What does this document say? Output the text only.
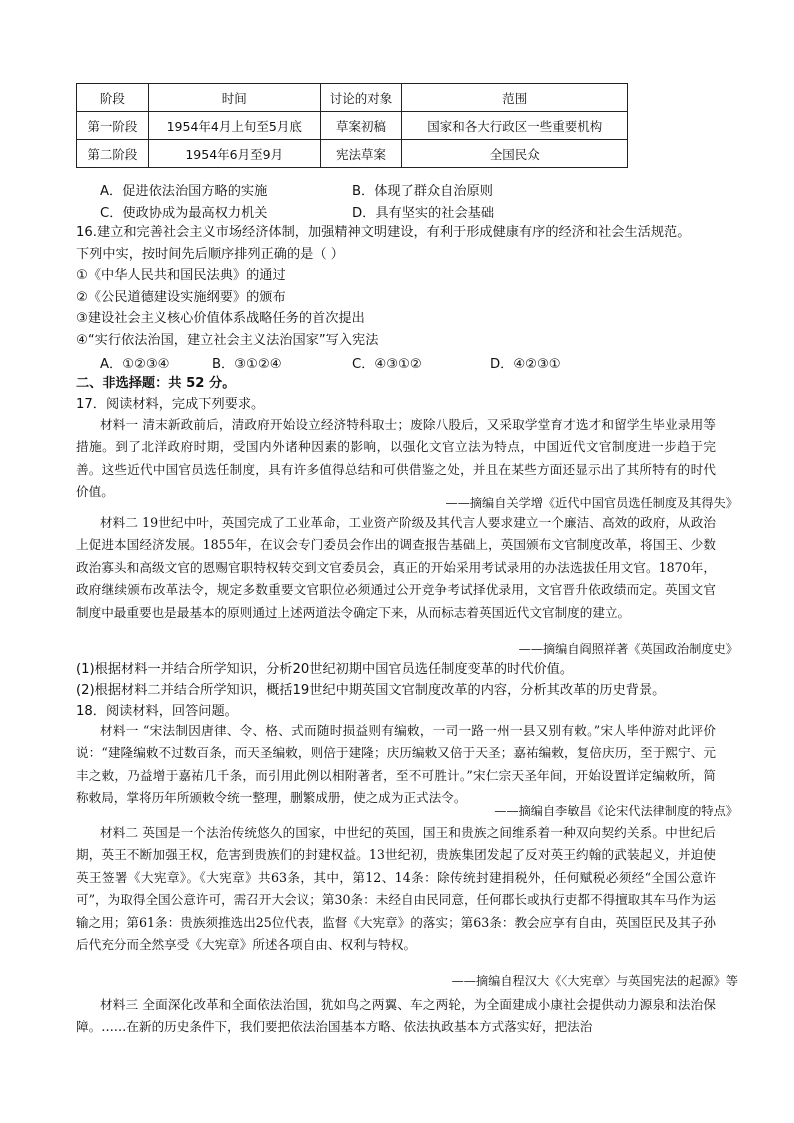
阶段	时间	讨论的对象	范围
第一阶段	1954年4月上旬至5月底	草案初稿	国家和各大行政区一些重要机构
第二阶段	1954年6月至9月	宪法草案	全国民众
A．促进依法治国方略的实施	B．体现了群众自治原则
C．使政协成为最高权力机关	D．具有坚实的社会基础
16.建立和完善社会主义市场经济体制，加强精神文明建设，有利于形成健康有序的经济和社会生活规范。
下列中实，按时间先后顺序排列正确的是（ ）
①《中华人民共和国民法典》的通过
②《公民道德建设实施纲要》的颁布
③建设社会主义核心价值体系战略任务的首次提出
④“实行依法治国，建立社会主义法治国家”写入宪法
A．①②③④	B．③①②④	C．④③①②	D．④②③①
二、非选择题：共 52 分。
17．阅读材料，完成下列要求。
材料一 清末新政前后，清政府开始设立经济特科取士；废除八股后，又采取学堂育才选才和留学生毕业录用等措施。到了北洋政府时期，受国内外诸种因素的影响，以强化文官立法为特点，中国近代文官制度进一步趋于完善。这些近代中国官员选任制度，具有许多值得总结和可供借鉴之处，并且在某些方面还显示出了其所特有的时代价值。
——摘编自关学增《近代中国官员选任制度及其得失》
材料二 19世纪中叶，英国完成了工业革命，工业资产阶级及其代言人要求建立一个廉洁、高效的政府，从政治上促进本国经济发展。1855年，在议会专门委员会作出的调查报告基础上，英国颁布文官制度改革，将国王、少数政治寡头和高级文官的恩赐官职特权转交到文官委员会，真正的开始采用考试录用的办法选拔任用文官。1870年，政府继续颁布改革法令，规定多数重要文官职位必须通过公开竞争考试择优录用，文官晋升依政绩而定。英国文官制度中最重要也是最基本的原则通过上述两道法令确定下来，从而标志着英国近代文官制度的建立。
——摘编自阎照祥著《英国政治制度史》
(1)根据材料一并结合所学知识，分析20世纪初期中国官员选任制度变革的时代价值。
(2)根据材料二并结合所学知识，概括19世纪中期英国文官制度改革的内容，分析其改革的历史背景。
18．阅读材料，回答问题。
材料一 “宋法制因唐律、令、格、式而随时损益则有编敕，一司一路一州一县又别有敕。”宋人毕仲游对此评价说：“建隆编敕不过数百条，而天圣编敕，则倍于建隆；庆历编敕又倍于天圣；嘉祐编敕，复倍庆历，至于熙宁、元丰之敕，乃益增于嘉祐几千条，而引用此例以相附著者，至不可胜计。”宋仁宗天圣年间，开始设置详定编敕所，简称敕局，掌将历年所颁敕令统一整理，删繁成册，使之成为正式法令。
——摘编自李敏昌《论宋代法律制度的特点》
材料二 英国是一个法治传统悠久的国家，中世纪的英国，国王和贵族之间维系着一种双向契约关系。中世纪后期，英王不断加强王权，危害到贵族们的封建权益。13世纪初，贵族集团发起了反对英王约翰的武装起义，并迫使英王签署《大宪章》。《大宪章》共63条，其中，第12、14条：除传统封建捐税外，任何赋税必须经“全国公意许可”，为取得全国公意许可，需召开大会议；第30条：未经自由民同意，任何郡长或执行吏都不得擅取其车马作为运输之用；第61条：贵族须推选出25位代表，监督《大宪章》的落实；第63条：教会应享有自由，英国臣民及其子孙后代充分而全然享受《大宪章》所述各项自由、权利与特权。
——摘编自程汉大《〈大宪章〉与英国宪法的起源》等
材料三 全面深化改革和全面依法治国，犹如鸟之两翼、车之两轮，为全面建成小康社会提供动力源泉和法治保障。……在新的历史条件下，我们要把依法治国基本方略、依法执政基本方式落实好，把法治
